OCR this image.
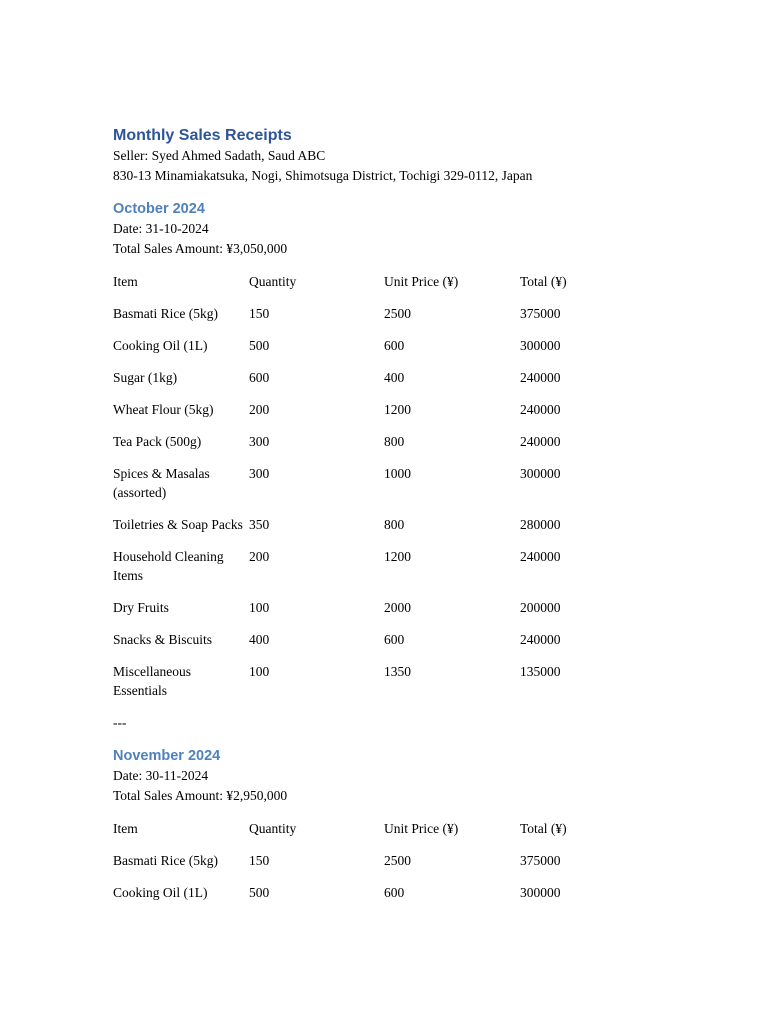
Monthly Sales Receipts

Seller: Syed Ahmed Sadath, Saud ABC

830-13 Minamiakatsuka, Nogi, Shimotsuga District, Tochigi 329-0112, Japan

October 2024

Date: 31-10-2024

Total Sales Amount: ¥3,050,000

Item	Quantity	Unit Price (¥)	Total (¥)
Basmati Rice (5kg)	150	2500	375000
Cooking Oil (1L)	500	600	300000
Sugar (1kg)	600	400	240000
Wheat Flour (5kg)	200	1200	240000
Tea Pack (500g)	300	800	240000
Spices & Masalas (assorted)	300	1000	300000
Toiletries & Soap Packs	350	800	280000
Household Cleaning Items	200	1200	240000
Dry Fruits	100	2000	200000
Snacks & Biscuits	400	600	240000
Miscellaneous Essentials	100	1350	135000

---

November 2024

Date: 30-11-2024

Total Sales Amount: ¥2,950,000

Item	Quantity	Unit Price (¥)	Total (¥)
Basmati Rice (5kg)	150	2500	375000
Cooking Oil (1L)	500	600	300000
